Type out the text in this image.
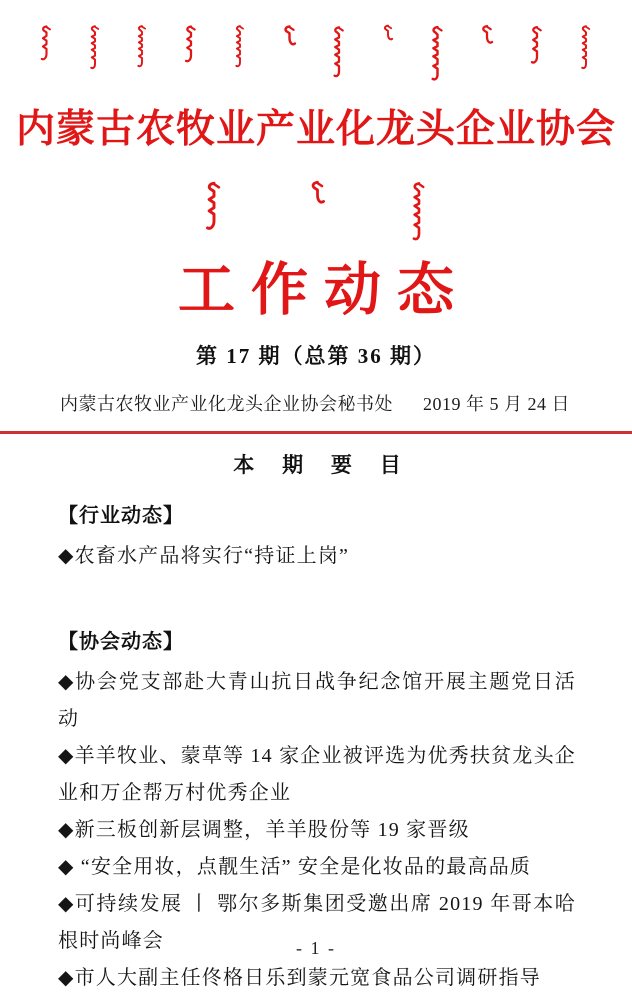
内蒙古农牧业产业化龙头企业协会
工作动态
第 17 期（总第 36 期）
内蒙古农牧业产业化龙头企业协会秘书处 2019 年 5 月 24 日
本 期 要 目
【行业动态】

◆农畜水产品将实行“持证上岗”

【协会动态】

◆协会党支部赴大青山抗日战争纪念馆开展主题党日活动

◆羊羊牧业、蒙草等 14 家企业被评选为优秀扶贫龙头企业和万企帮万村优秀企业

◆新三板创新层调整，羊羊股份等 19 家晋级

◆ “安全用妆，点靓生活” 安全是化妆品的最高品质

◆可持续发展 丨 鄂尔多斯集团受邀出席 2019 年哥本哈根时尚峰会

◆市人大副主任佟格日乐到蒙元宽食品公司调研指导

- 1 -
